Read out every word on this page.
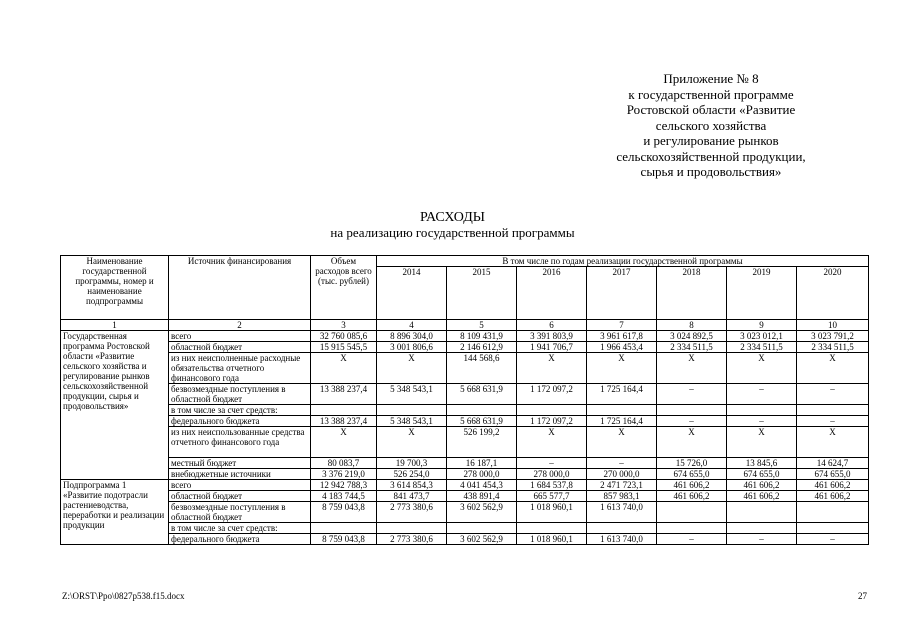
Приложение № 8
к государственной программе
Ростовской области «Развитие
сельского хозяйства
и регулирование рынков
сельскохозяйственной продукции,
сырья и продовольствия»
РАСХОДЫ
на реализацию государственной программы
Наименование государственной программы, номер и наименование подпрограммы	Источник финансирования	Объем расходов всего (тыс. рублей)	В том числе по годам реализации государственной программы						
			2014	2015	2016	2017	2018	2019	2020
1	2	3	4	5	6	7	8	9	10
Государственная программа Ростовской области «Развитие сельского хозяйства и регулирование рынков сельскохозяйственной продукции, сырья и продовольствия»	всего	32 760 085,6	8 896 304,0	8 109 431,9	3 391 803,9	3 961 617,8	3 024 892,5	3 023 012,1	3 023 791,2
	областной бюджет	15 915 545,5	3 001 806,6	2 146 612,9	1 941 706,7	1 966 453,4	2 334 511,5	2 334 511,5	2 334 511,5
	из них неисполненные расходные обязательства отчетного финансового года	X	X	144 568,6	X	X	X	X	X
	безвозмездные поступления в областной бюджет	13 388 237,4	5 348 543,1	5 668 631,9	1 172 097,2	1 725 164,4	–	–	–
	в том числе за счет средств:								
	федерального бюджета	13 388 237,4	5 348 543,1	5 668 631,9	1 172 097,2	1 725 164,4	–	–	–
	из них неиспользованные средства отчетного финансового года	X	X	526 199,2	X	X	X	X	X
	местный бюджет	80 083,7	19 700,3	16 187,1	–	–	15 726,0	13 845,6	14 624,7
	внебюджетные источники	3 376 219,0	526 254,0	278 000,0	278 000,0	270 000,0	674 655,0	674 655,0	674 655,0
Подпрограмма 1 «Развитие подотрасли растениеводства, переработки и реализации продукции	всего	12 942 788,3	3 614 854,3	4 041 454,3	1 684 537,8	2 471 723,1	461 606,2	461 606,2	461 606,2
	областной бюджет	4 183 744,5	841 473,7	438 891,4	665 577,7	857 983,1	461 606,2	461 606,2	461 606,2
	безвозмездные поступления в областной бюджет	8 759 043,8	2 773 380,6	3 602 562,9	1 018 960,1	1 613 740,0			
	в том числе за счет средств:								
	федерального бюджета	8 759 043,8	2 773 380,6	3 602 562,9	1 018 960,1	1 613 740,0	–	–	–
Z:\ORST\Ppo\0827p538.f15.docx	27
